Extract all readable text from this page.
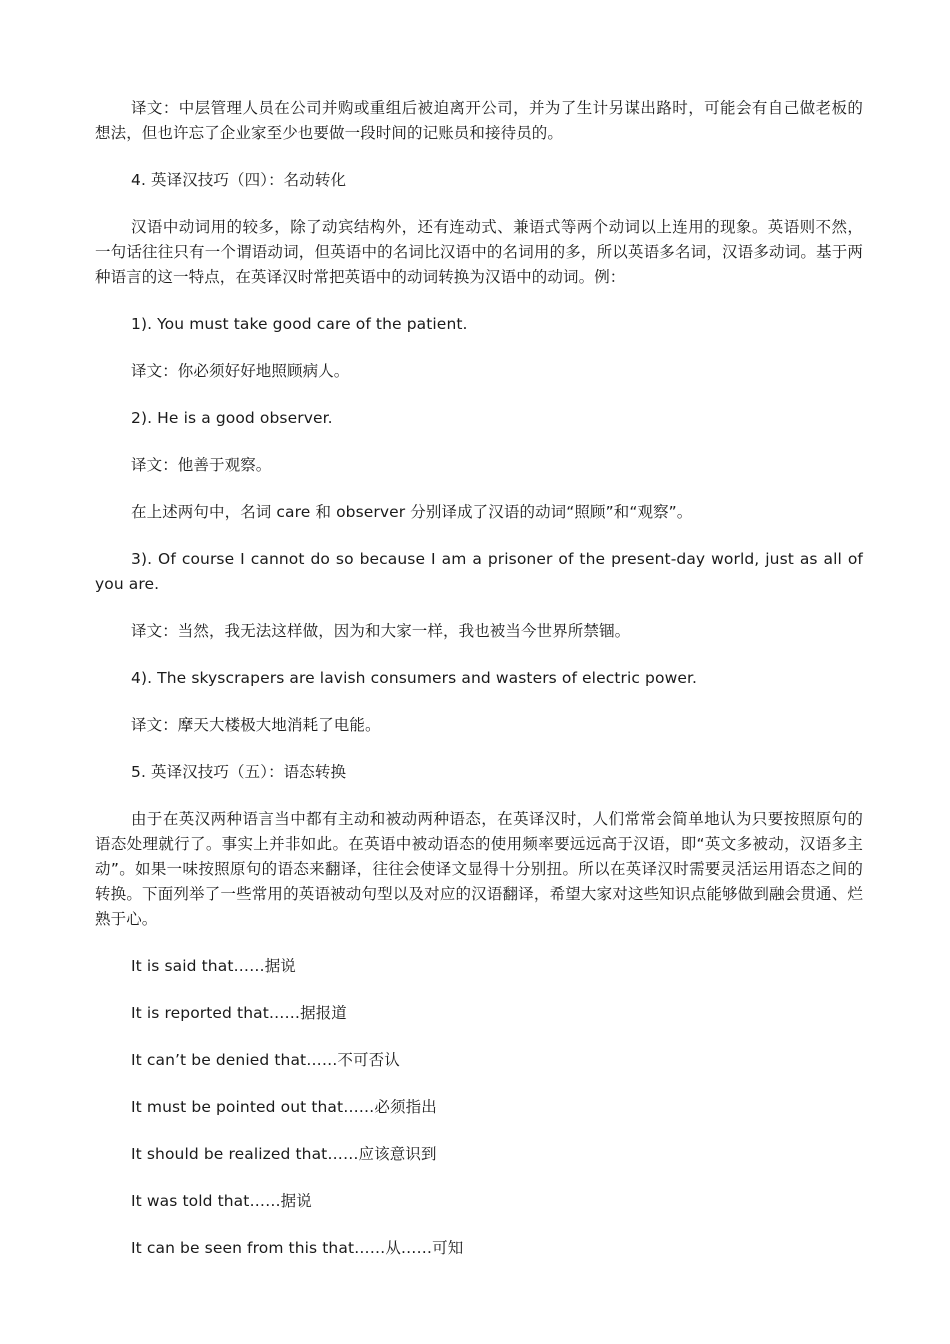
译文：中层管理人员在公司并购或重组后被迫离开公司，并为了生计另谋出路时，可能会有自己做老板的想法，但也许忘了企业家至少也要做一段时间的记账员和接待员的。

4. 英译汉技巧（四）：名动转化

汉语中动词用的较多，除了动宾结构外，还有连动式、兼语式等两个动词以上连用的现象。英语则不然，一句话往往只有一个谓语动词，但英语中的名词比汉语中的名词用的多，所以英语多名词，汉语多动词。基于两种语言的这一特点，在英译汉时常把英语中的动词转换为汉语中的动词。例：

1). You must take good care of the patient.

译文：你必须好好地照顾病人。

2). He is a good observer.

译文：他善于观察。

在上述两句中，名词 care 和 observer 分别译成了汉语的动词“照顾”和“观察”。

3). Of course I cannot do so because I am a prisoner of the present-day world, just as all of you are.

译文：当然，我无法这样做，因为和大家一样，我也被当今世界所禁锢。

4). The skyscrapers are lavish consumers and wasters of electric power.

译文：摩天大楼极大地消耗了电能。

5. 英译汉技巧（五）：语态转换

由于在英汉两种语言当中都有主动和被动两种语态，在英译汉时，人们常常会简单地认为只要按照原句的语态处理就行了。事实上并非如此。在英语中被动语态的使用频率要远远高于汉语，即“英文多被动，汉语多主动”。如果一味按照原句的语态来翻译，往往会使译文显得十分别扭。所以在英译汉时需要灵活运用语态之间的转换。下面列举了一些常用的英语被动句型以及对应的汉语翻译，希望大家对这些知识点能够做到融会贯通、烂熟于心。

It is said that……据说

It is reported that……据报道

It can’t be denied that……不可否认

It must be pointed out that……必须指出

It should be realized that……应该意识到

It was told that……据说

It can be seen from this that……从……可知
